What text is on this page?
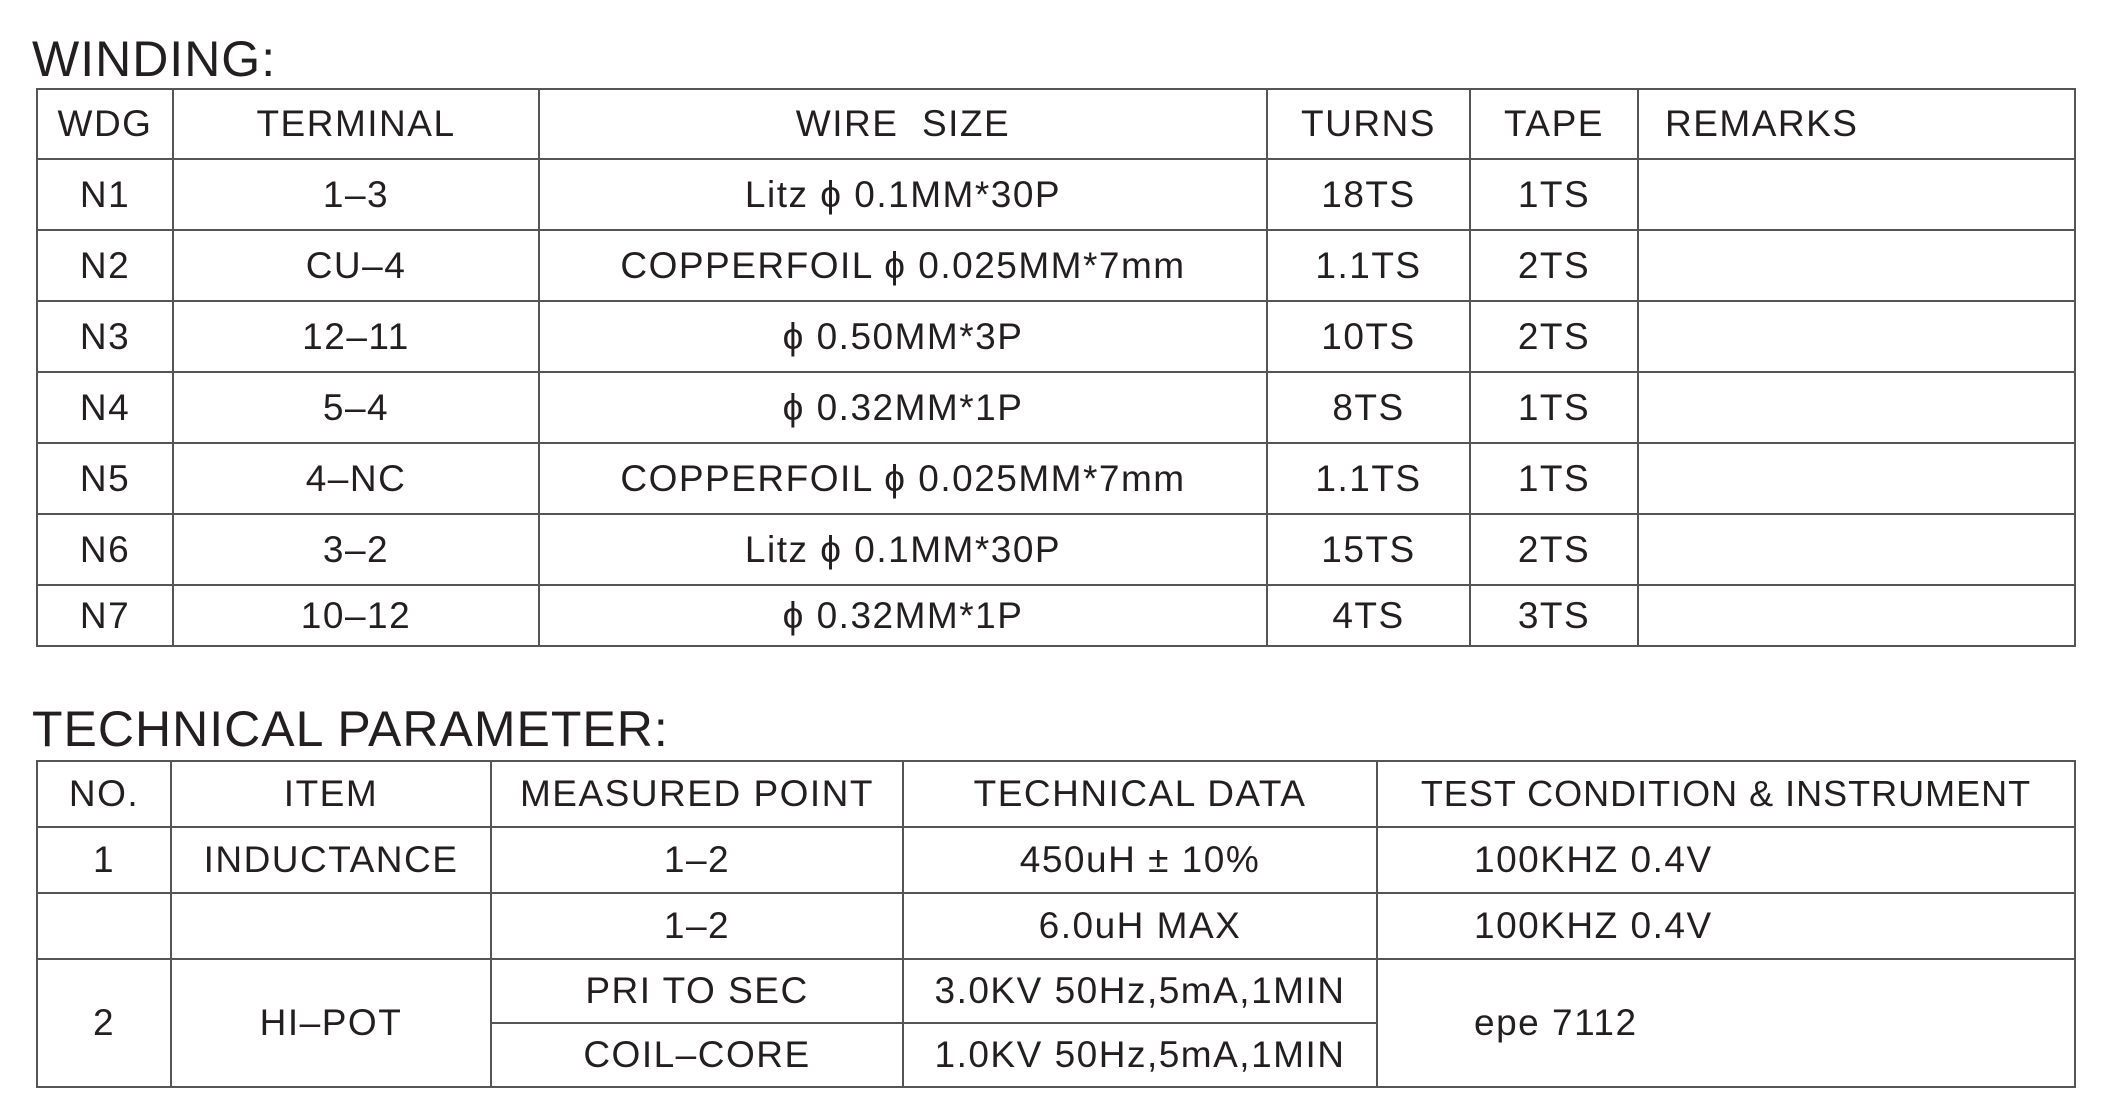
WINDING:
WDG	TERMINAL	WIRE  SIZE	TURNS	TAPE	REMARKS
N1	1–3	Litz ϕ 0.1MM*30P	18TS	1TS	
N2	CU–4	COPPERFOIL ϕ 0.025MM*7mm	1.1TS	2TS	
N3	12–11	ϕ 0.50MM*3P	10TS	2TS	
N4	5–4	ϕ 0.32MM*1P	8TS	1TS	
N5	4–NC	COPPERFOIL ϕ 0.025MM*7mm	1.1TS	1TS	
N6	3–2	Litz ϕ 0.1MM*30P	15TS	2TS	
N7	10–12	ϕ 0.32MM*1P	4TS	3TS	
TECHNICAL PARAMETER:
NO.	ITEM	MEASURED POINT	TECHNICAL DATA	TEST CONDITION & INSTRUMENT
1	INDUCTANCE	1–2	450uH ± 10%	100KHZ 0.4V
		1–2	6.0uH MAX	100KHZ 0.4V
2	HI–POT	PRI TO SEC	3.0KV 50Hz,5mA,1MIN	epe 7112
		COIL–CORE	1.0KV 50Hz,5mA,1MIN	
